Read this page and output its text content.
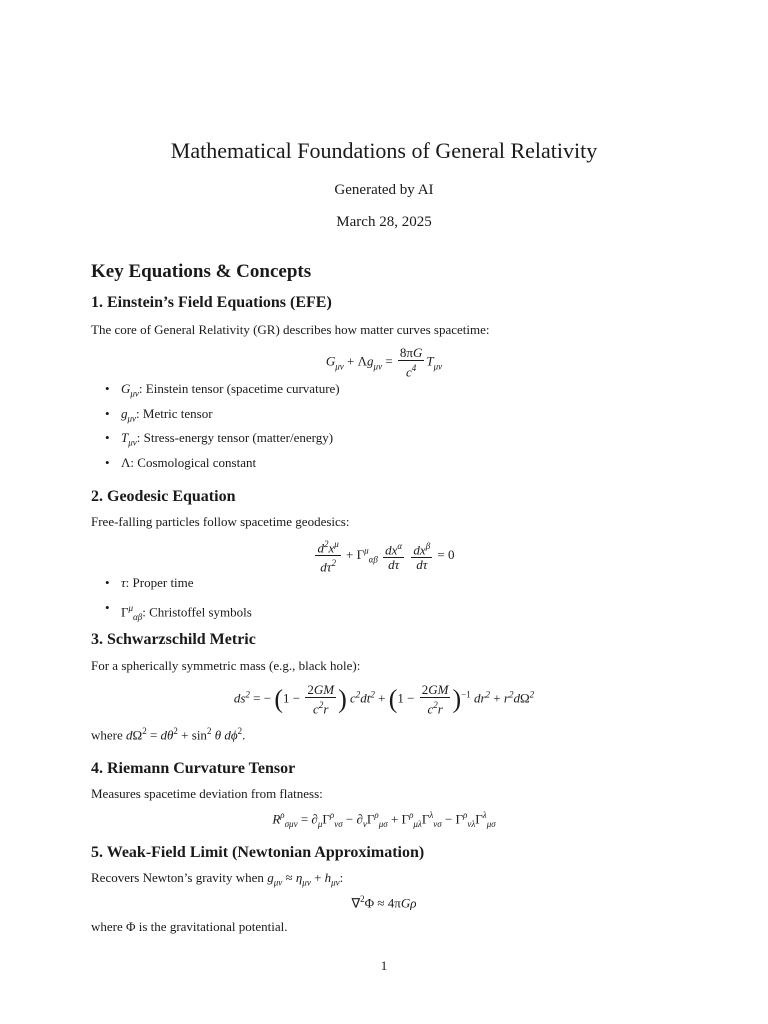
Mathematical Foundations of General Relativity
Generated by AI
March 28, 2025
Key Equations & Concepts
1. Einstein’s Field Equations (EFE)
The core of General Relativity (GR) describes how matter curves spacetime:
$G_{\mu\nu} + \Lambda g_{\mu\nu} = \frac{8\pi G}{c^4} T_{\mu\nu}$
• $G_{\mu\nu}$: Einstein tensor (spacetime curvature)
• $g_{\mu\nu}$: Metric tensor
• $T_{\mu\nu}$: Stress-energy tensor (matter/energy)
• Λ: Cosmological constant
2. Geodesic Equation
Free-falling particles follow spacetime geodesics:
$\frac{d^2x^\mu}{d\tau^2} + \Gamma^\mu_{\alpha\beta} \frac{dx^\alpha}{d\tau}$
$\frac{dx^\beta}{d\tau} = 0$
• τ: Proper time
• $\Gamma^\mu_{\alpha\beta}$: Christoffel symbols
3. Schwarzschild Metric
For a spherically symmetric mass (e.g., black hole):
$ds^2$ = − ($1 - \frac{2GM}{c^2r}$ ) $c^2dt^2 + (1 - \frac{2GM}{c^2r} )^{-1}$ $dr^2 + r^2d\Omega^2$
where $d\Omega^2 = d\theta^2 + \sin^2 \theta$ $d\phi^2$.
4. Riemann Curvature Tensor
Measures spacetime deviation from flatness:
$R^\rho_{\sigma\mu\nu} = \partial_\mu\Gamma^\rho_{\nu\sigma} - \partial_\nu\Gamma^\rho_{\mu\sigma} + \Gamma^\rho_{\mu\lambda}\Gamma^\lambda_{\nu\sigma} - \Gamma^\rho_{\nu\lambda}\Gamma^\lambda_{\mu\sigma}$
5. Weak-Field Limit (Newtonian Approximation)
Recovers Newton’s gravity when $g_{\mu\nu} \approx \eta_{\mu\nu} + h_{\mu\nu}$:
∇$^2$Φ ≈ 4πGρ
where Φ is the gravitational potential.
1
